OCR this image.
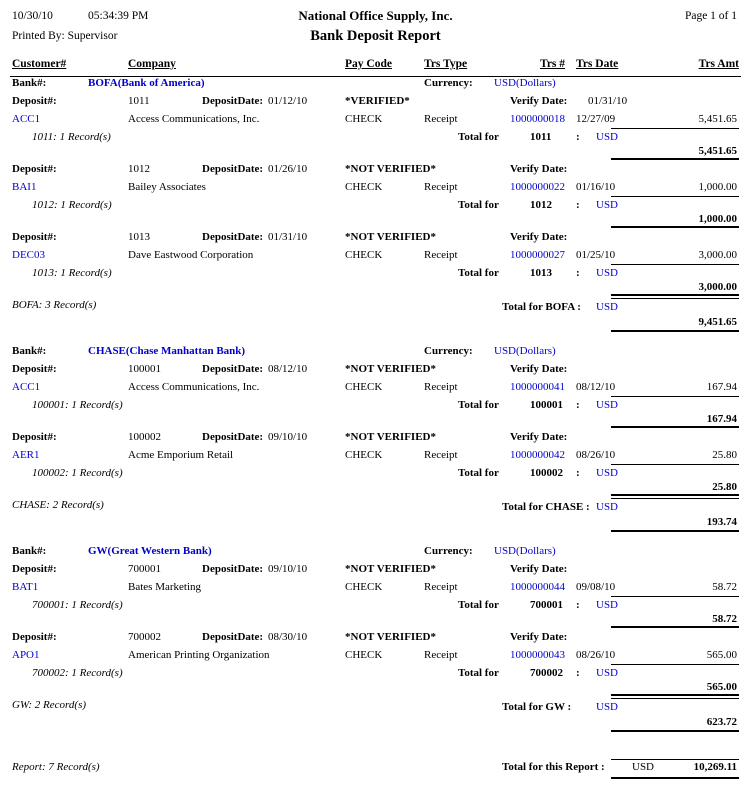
10/30/10	05:34:39 PM	National Office Supply, Inc.	Page 1 of 1
Printed By: Supervisor	Bank Deposit Report
Customer#	Company	Pay Code	Trs Type	Trs # Trs Date	Trs Amt
Bank#:	BOFA(Bank of America)	Currency: USD(Dollars)
Deposit#:	1011	DepositDate: 01/12/10	*VERIFIED*	Verify Date: 01/31/10
ACC1	Access Communications, Inc.	CHECK	Receipt	1000000018 12/27/09	5,451.65
1011: 1 Record(s)	Total for	1011 : USD
5,451.65
Deposit#:	1012	DepositDate: 01/26/10	*NOT VERIFIED*	Verify Date:
BAI1	Bailey Associates	CHECK	Receipt	1000000022 01/16/10	1,000.00
1012: 1 Record(s)	Total for	1012 : USD
1,000.00
Deposit#:	1013	DepositDate: 01/31/10	*NOT VERIFIED*	Verify Date:
DEC03	Dave Eastwood Corporation	CHECK	Receipt	1000000027 01/25/10	3,000.00
1013: 1 Record(s)	Total for	1013 : USD
3,000.00
BOFA: 3 Record(s)	Total for BOFA : USD
9,451.65
Bank#:	CHASE(Chase Manhattan Bank)	Currency: USD(Dollars)
Deposit#:	100001	DepositDate: 08/12/10	*NOT VERIFIED*	Verify Date:
ACC1	Access Communications, Inc.	CHECK	Receipt	1000000041 08/12/10	167.94
100001: 1 Record(s)	Total for	100001 : USD
167.94
Deposit#:	100002	DepositDate: 09/10/10	*NOT VERIFIED*	Verify Date:
AER1	Acme Emporium Retail	CHECK	Receipt	1000000042 08/26/10	25.80
100002: 1 Record(s)	Total for	100002 : USD
25.80
CHASE: 2 Record(s)	Total for CHASE : USD
193.74
Bank#:	GW(Great Western Bank)	Currency: USD(Dollars)
Deposit#:	700001	DepositDate: 09/10/10	*NOT VERIFIED*	Verify Date:
BAT1	Bates Marketing	CHECK	Receipt	1000000044 09/08/10	58.72
700001: 1 Record(s)	Total for	700001 : USD
58.72
Deposit#:	700002	DepositDate: 08/30/10	*NOT VERIFIED*	Verify Date:
APO1	American Printing Organization	CHECK	Receipt	1000000043 08/26/10	565.00
700002: 1 Record(s)	Total for	700002 : USD
565.00
GW: 2 Record(s)	Total for GW : USD
623.72
Report: 7 Record(s)	Total for this Report : USD	10,269.11
